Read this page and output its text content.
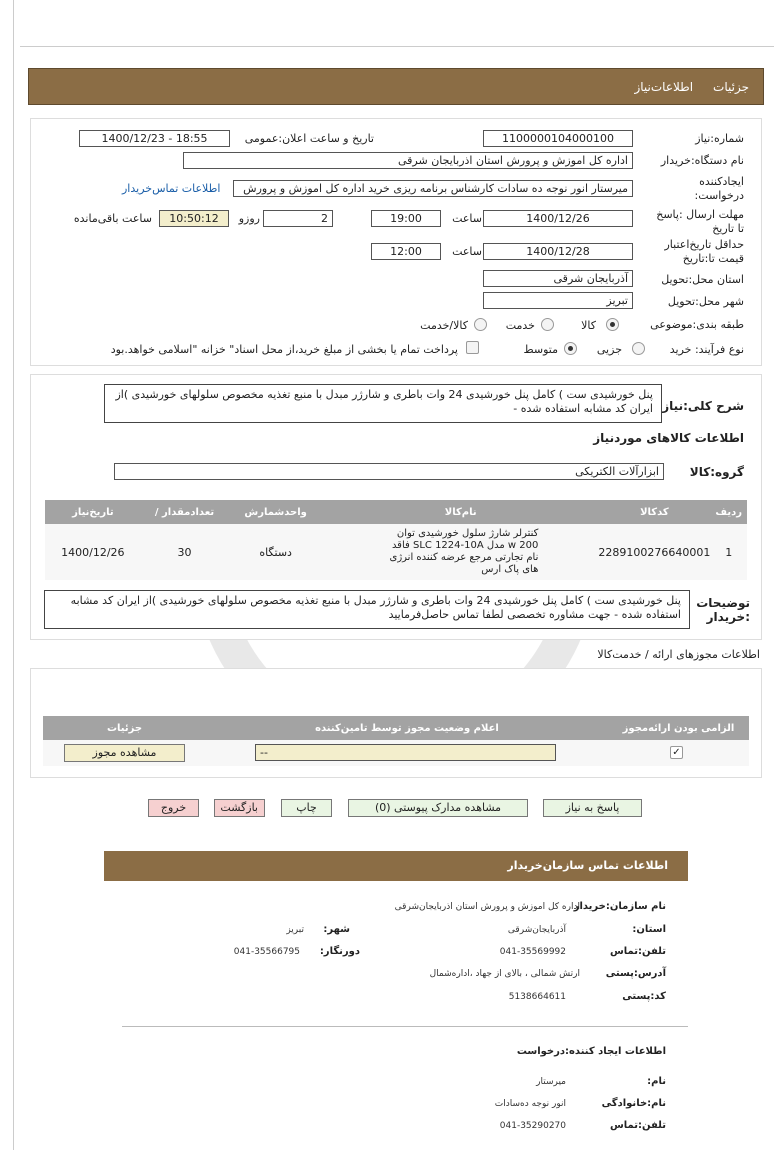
جزئیات
اطلاعات‌نیاز
شماره:نیاز
1100000104000100
تاریخ و ساعت اعلان:عمومی
1400/12/23 - 18:55
نام دستگاه:خریدار
اداره کل اموزش و پرورش استان اذربایجان شرقی
ایجادکننده درخواست:
میرستار انور نوجه ده سادات کارشناس برنامه ریزی خرید اداره کل اموزش و پرورش
اطلاعات تماس‌خریدار
مهلت ارسال :پاسخ تا تاریخ
1400/12/26
ساعت
19:00
2
روزو
10:50:12
ساعت باقی‌مانده
حداقل تاریخ‌اعتبار قیمت تا:تاریخ
1400/12/28
ساعت
12:00
استان محل:تحویل
آذربایجان شرقی
شهر محل:تحویل
تبریز
طبقه بندی:موضوعی
کالا
خدمت
کالا/خدمت
نوع فرآیند: خرید
جزیی
متوسط
پرداخت تمام یا بخشی از مبلغ خرید،از محل اسناد" خزانه "اسلامی خواهد.بود
شرح کلی:نیاز
پنل خورشیدی ست ) کامل پنل خورشیدی 24 وات باطری و شارژر مبدل با منبع تغذیه مخصوص سلولهای خورشیدی )از ایران کد مشابه استفاده شده -
اطلاعات کالاهای موردنیاز
گروه:کالا
ابزارآلات الکتریکی
تاریخ‌نیاز	/ تعدادمقدار	واحدشمارش	نام‌کالا	کدکالا	ردیف
1400/12/26	30	دستگاه	کنترلر شارژ سلول خورشیدی توان 200 w مدل SLC 1224-10A فاقد نام تجارتی مرجع عرضه کننده انرژی های پاک ارس	2289100276640001	1
توضیحات :خریدار
پنل خورشیدی ست ) کامل پنل خورشیدی 24 وات باطری و شارژر مبدل با منبع تغذیه مخصوص سلولهای خورشیدی )از ایران کد مشابه استفاده شده - جهت مشاوره تخصصی لطفا تماس حاصل‌فرمایید
اطلاعات مجوزهای ارائه / خدمت‌کالا
جزئیات	اعلام وضعیت مجوز توسط تامین‌کننده	الزامی بودن ارائه‌مجوز

مشاهده مجوز	--	✓
خروج	بازگشت	چاپ	مشاهده مدارک پیوستی (0)	پاسخ به نیاز
اطلاعات تماس سازمان‌خریدار
نام سازمان:خریدار
اداره کل اموزش و پرورش استان اذربایجان‌شرقی
استان:
آذربایجان‌شرقی
شهر:
تبریز
تلفن:تماس
041-35569992
دورنگار:
041-35566795
آدرس:پستی
ارتش شمالی ، بالای از جهاد ،اداره‌شمال
کد:پستی
5138664611
اطلاعات ایجاد کننده:درخواست
نام:
میرستار
نام:خانوادگی
انور نوجه ده‌سادات
تلفن:تماس
041-35290270
